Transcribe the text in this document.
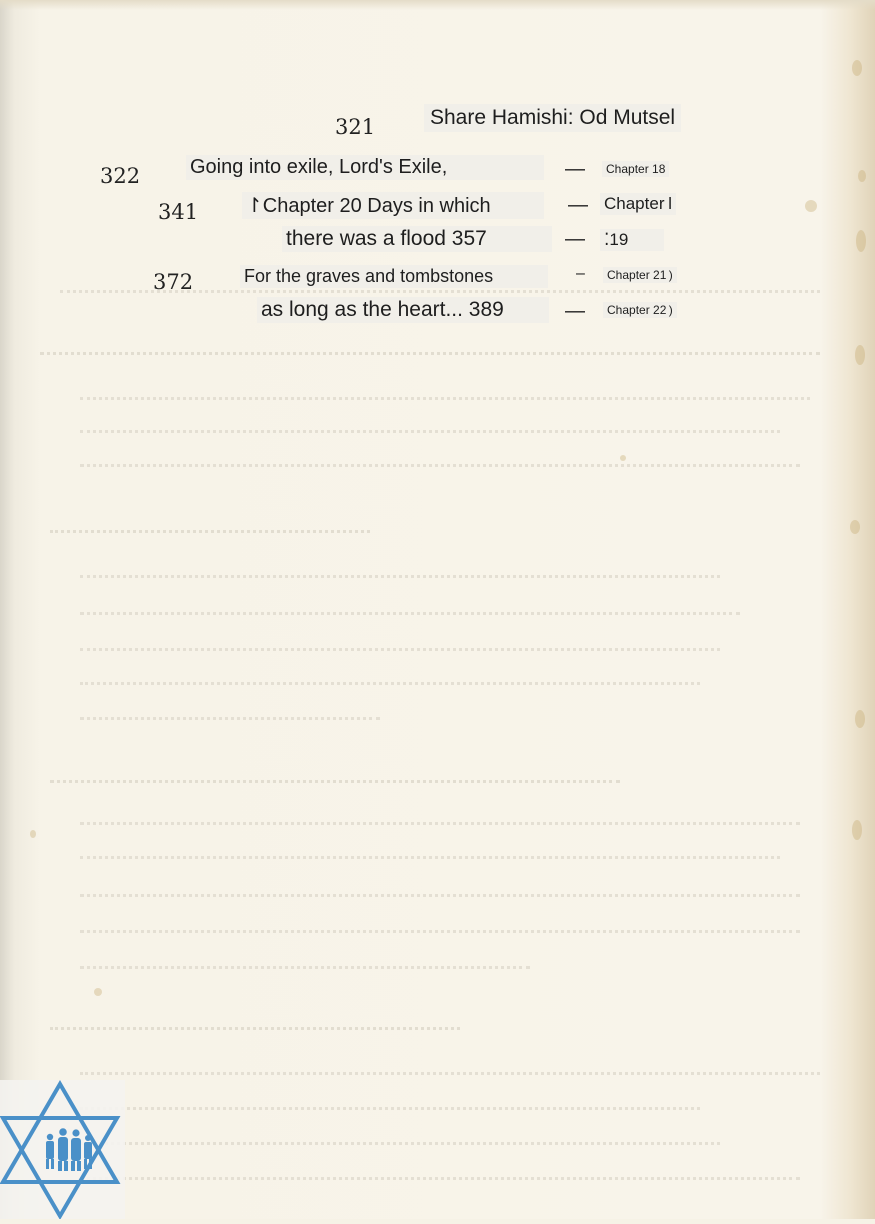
321	Share Hamishi: Od Mutsel
322 Going into exile, Lord's Exile,	—	Chapter 18
341 ↾Chapter 20 Days in which	— Chapter ǀ
there was a flood 357	— ⁚19
372	For the graves and tombstones	–	Chapter 21 )
as long as the heart... 389	—	Chapter 22 )
